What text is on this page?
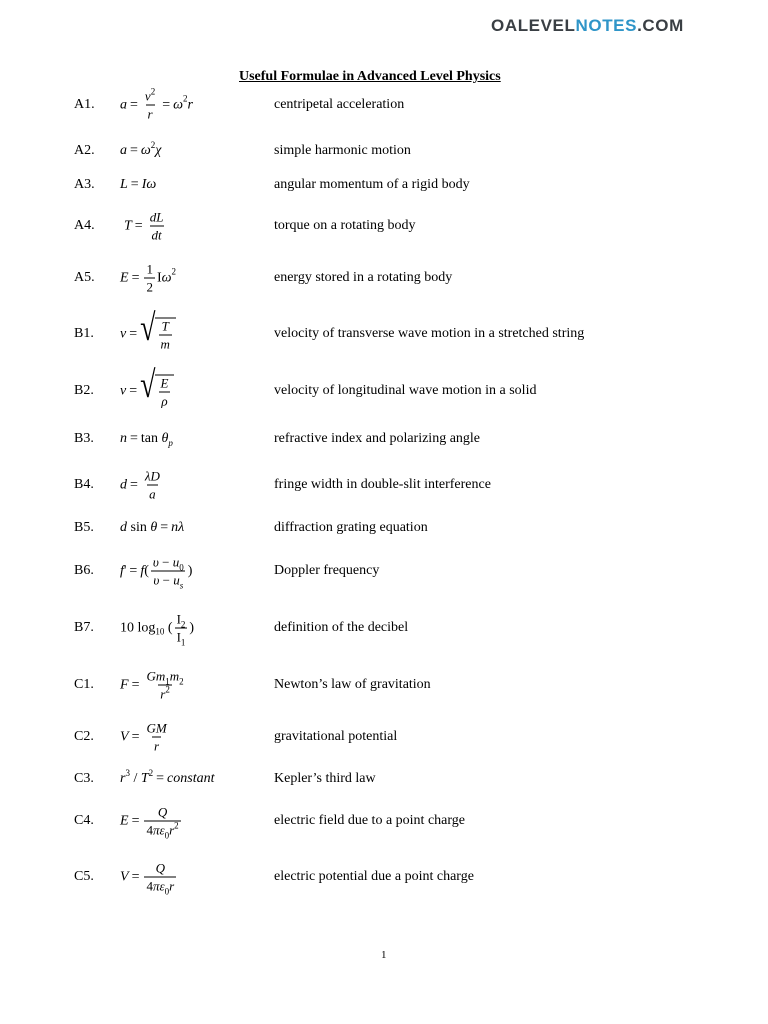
OALEVELNOTES.COM
Useful Formulae in Advanced Level Physics
A1. $a = \frac{v^2}{r} = \omega$ 2 r	centripetal acceleration
A2. a = ω 2 χ	simple harmonic motion
A3. L = Iω	angular momentum of a rigid body
A4. $T = \frac{dL}{dt}$	torque on a rotating body
A5. $E = \frac{1}{2}$ I ω 2	energy stored in a rotating body
B1. v = √ $\frac{T}{m}$	velocity of transverse wave motion in a stretched string
B2. v = √ $\frac{E}{\rho}$	velocity of longitudinal wave motion in a solid
B3. n = tan θ p	refractive index and polarizing angle
B4. $d = \frac{\lambda D}{a}$	fringe width in double-slit interference
B5. d sin θ = nλ	diffraction grating equation
B6. f ' = f ( $\frac{\upsilon - u_0}{\upsilon - u_s}$ )	Doppler frequency
B7. 10 log 10 ( $\frac{I_2}{I_1}$ )	definition of the decibel
C1. $F = \frac{Gm_1m_2}{r^2}$	Newton’s law of gravitation
C2. $V = \frac{GM}{r}$	gravitational potential
C3. r 3 / T 2 = constant	Kepler’s third law
C4. $E = \frac{Q}{4\pi\varepsilon_0r^2}$	electric field due to a point charge
C5. $V = \frac{Q}{4\pi\varepsilon_0r}$	electric potential due a point charge
1
